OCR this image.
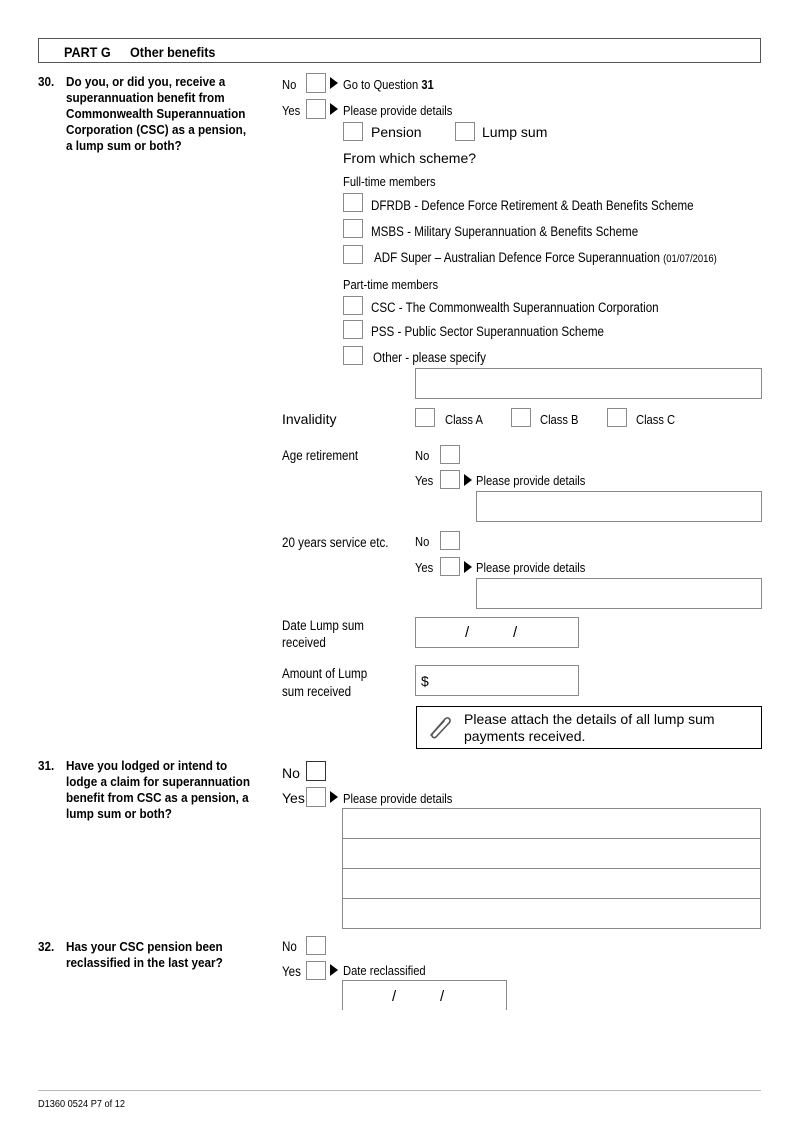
PART G Other benefits
30. Do you, or did you, receive a
superannuation benefit from
Commonwealth Superannuation
Corporation (CSC) as a pension,
a lump sum or both?
No	Go to Question 31
Yes	Please provide details
Pension	Lump sum
From which scheme?
Full-time members
DFRDB - Defence Force Retirement & Death Benefits Scheme
MSBS - Military Superannuation & Benefits Scheme
ADF Super – Australian Defence Force Superannuation (01/07/2016)
Part-time members
CSC - The Commonwealth Superannuation Corporation
PSS - Public Sector Superannuation Scheme
Other - please specify
Invalidity	Class A	Class B	Class C
Age retirement	No
Yes	Please provide details
20 years service etc. No
Yes	Please provide details
Date Lump sum
received
/	/
Amount of Lump
sum received
$
Please attach the details of all lump sum
payments received.
31. Have you lodged or intend to
lodge a claim for superannuation
benefit from CSC as a pension, a
lump sum or both?
No
Yes	Please provide details
32. Has your CSC pension been
reclassified in the last year?
No
Yes	Date reclassified
/	/
D1360 0524 P7 of 12
